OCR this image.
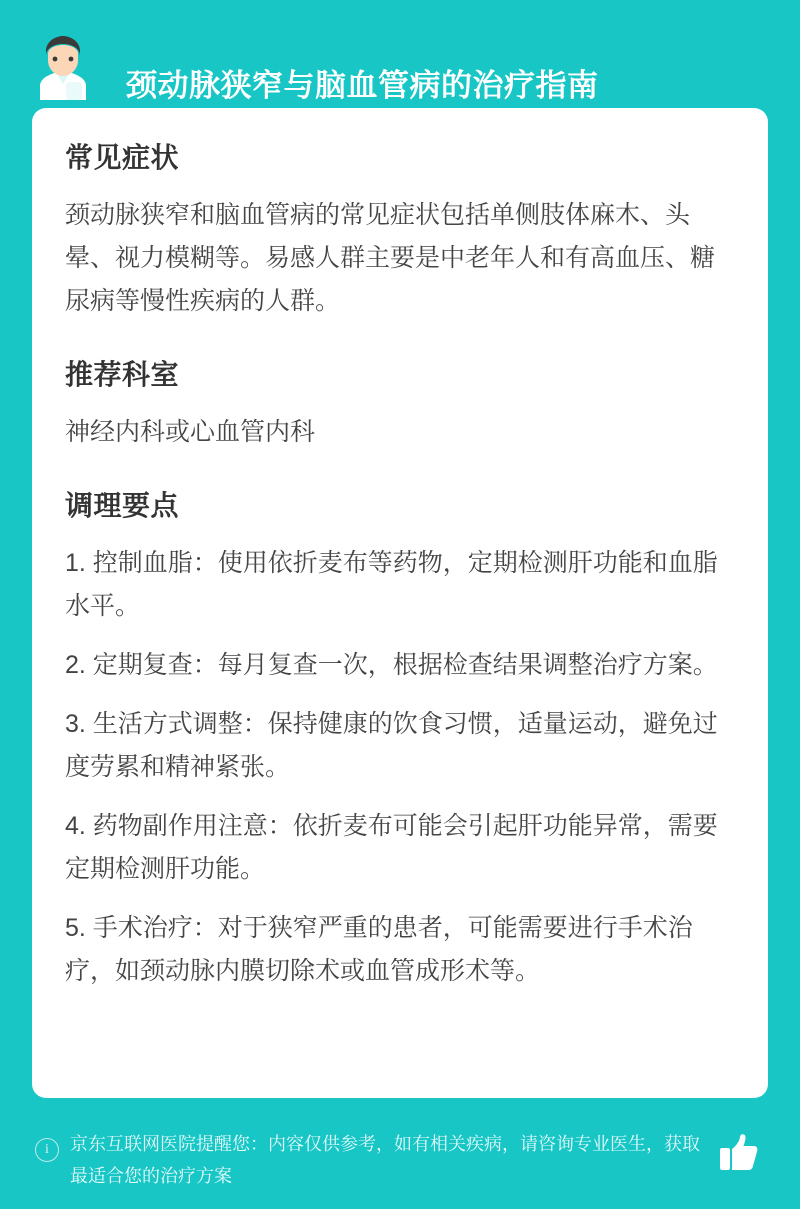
颈动脉狭窄与脑血管病的治疗指南
常见症状

颈动脉狭窄和脑血管病的常见症状包括单侧肢体麻木、头晕、视力模糊等。易感人群主要是中老年人和有高血压、糖尿病等慢性疾病的人群。

推荐科室

神经内科或心血管内科

调理要点
1. 控制血脂：使用依折麦布等药物，定期检测肝功能和血脂水平。
2. 定期复查：每月复查一次，根据检查结果调整治疗方案。
3. 生活方式调整：保持健康的饮食习惯，适量运动，避免过度劳累和精神紧张。
4. 药物副作用注意：依折麦布可能会引起肝功能异常，需要定期检测肝功能。
5. 手术治疗：对于狭窄严重的患者，可能需要进行手术治疗，如颈动脉内膜切除术或血管成形术等。
i	京东互联网医院提醒您：内容仅供参考，如有相关疾病，请咨询专业医生，获取最适合您的治疗方案
